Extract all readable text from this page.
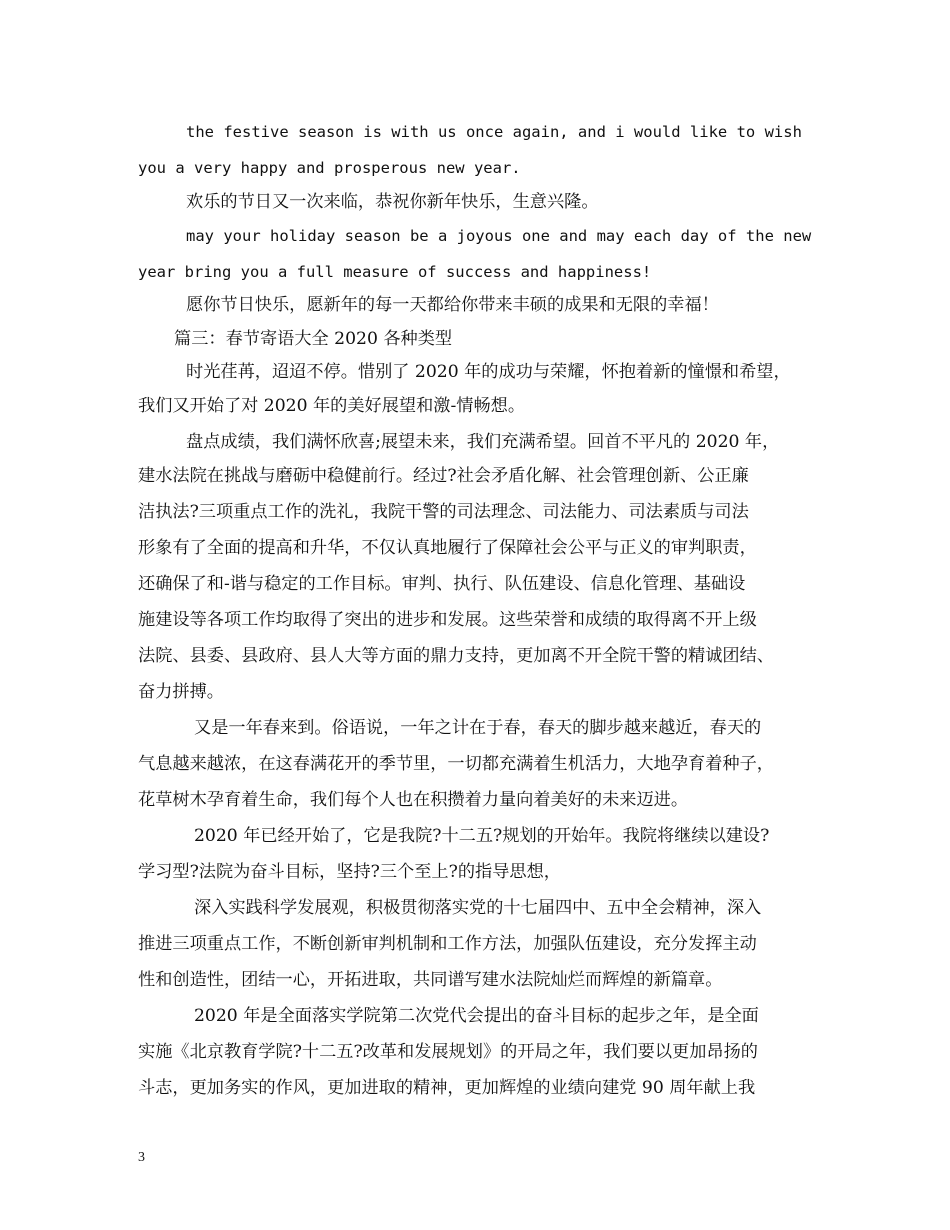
the festive season is with us once again, and i would like to wish
you a very happy and prosperous new year.
欢乐的节日又一次来临，恭祝你新年快乐，生意兴隆。
may your holiday season be a joyous one and may each day of the new
year bring you a full measure of success and happiness!
愿你节日快乐，愿新年的每一天都给你带来丰硕的成果和无限的幸福！
篇三：春节寄语大全 2020 各种类型
时光荏苒，迢迢不停。惜别了 2020 年的成功与荣耀，怀抱着新的憧憬和希望，
我们又开始了对 2020 年的美好展望和激-情畅想。
盘点成绩，我们满怀欣喜;展望未来，我们充满希望。回首不平凡的 2020 年，
建水法院在挑战与磨砺中稳健前行。经过?社会矛盾化解、社会管理创新、公正廉
洁执法?三项重点工作的洗礼，我院干警的司法理念、司法能力、司法素质与司法
形象有了全面的提高和升华，不仅认真地履行了保障社会公平与正义的审判职责，
还确保了和-谐与稳定的工作目标。审判、执行、队伍建设、信息化管理、基础设
施建设等各项工作均取得了突出的进步和发展。这些荣誉和成绩的取得离不开上级
法院、县委、县政府、县人大等方面的鼎力支持，更加离不开全院干警的精诚团结、
奋力拼搏。
又是一年春来到。俗语说，一年之计在于春，春天的脚步越来越近，春天的
气息越来越浓，在这春满花开的季节里，一切都充满着生机活力，大地孕育着种子，
花草树木孕育着生命，我们每个人也在积攒着力量向着美好的未来迈进。
2020 年已经开始了，它是我院?十二五?规划的开始年。我院将继续以建设?
学习型?法院为奋斗目标，坚持?三个至上?的指导思想，
深入实践科学发展观，积极贯彻落实党的十七届四中、五中全会精神，深入
推进三项重点工作，不断创新审判机制和工作方法，加强队伍建设，充分发挥主动
性和创造性，团结一心，开拓进取，共同谱写建水法院灿烂而辉煌的新篇章。
2020 年是全面落实学院第二次党代会提出的奋斗目标的起步之年，是全面
实施《北京教育学院?十二五?改革和发展规划》的开局之年，我们要以更加昂扬的
斗志，更加务实的作风，更加进取的精神，更加辉煌的业绩向建党 90 周年献上我
3
